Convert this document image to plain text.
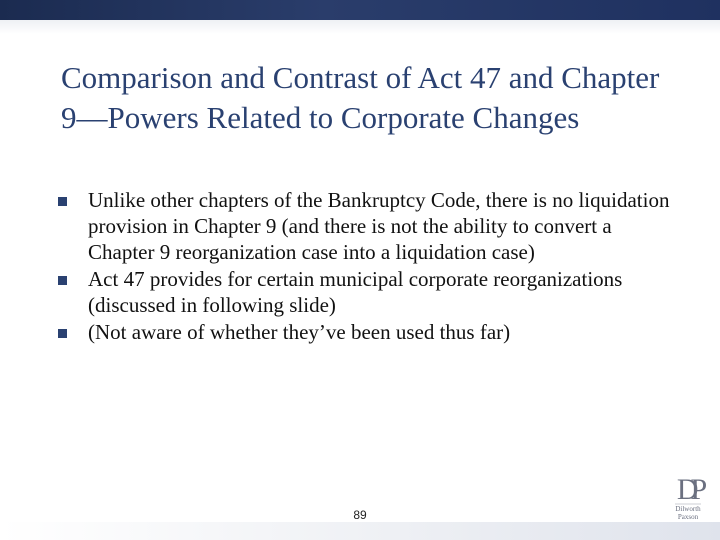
Comparison and Contrast of Act 47 and Chapter 9—Powers Related to Corporate Changes
Unlike other chapters of the Bankruptcy Code, there is no liquidation provision in Chapter 9 (and there is not the ability to convert a Chapter 9 reorganization case into a liquidation case)
Act 47 provides for certain municipal corporate reorganizations (discussed in following slide)
(Not aware of whether they’ve been used thus far)
89
DP
Dilworth
Paxson
